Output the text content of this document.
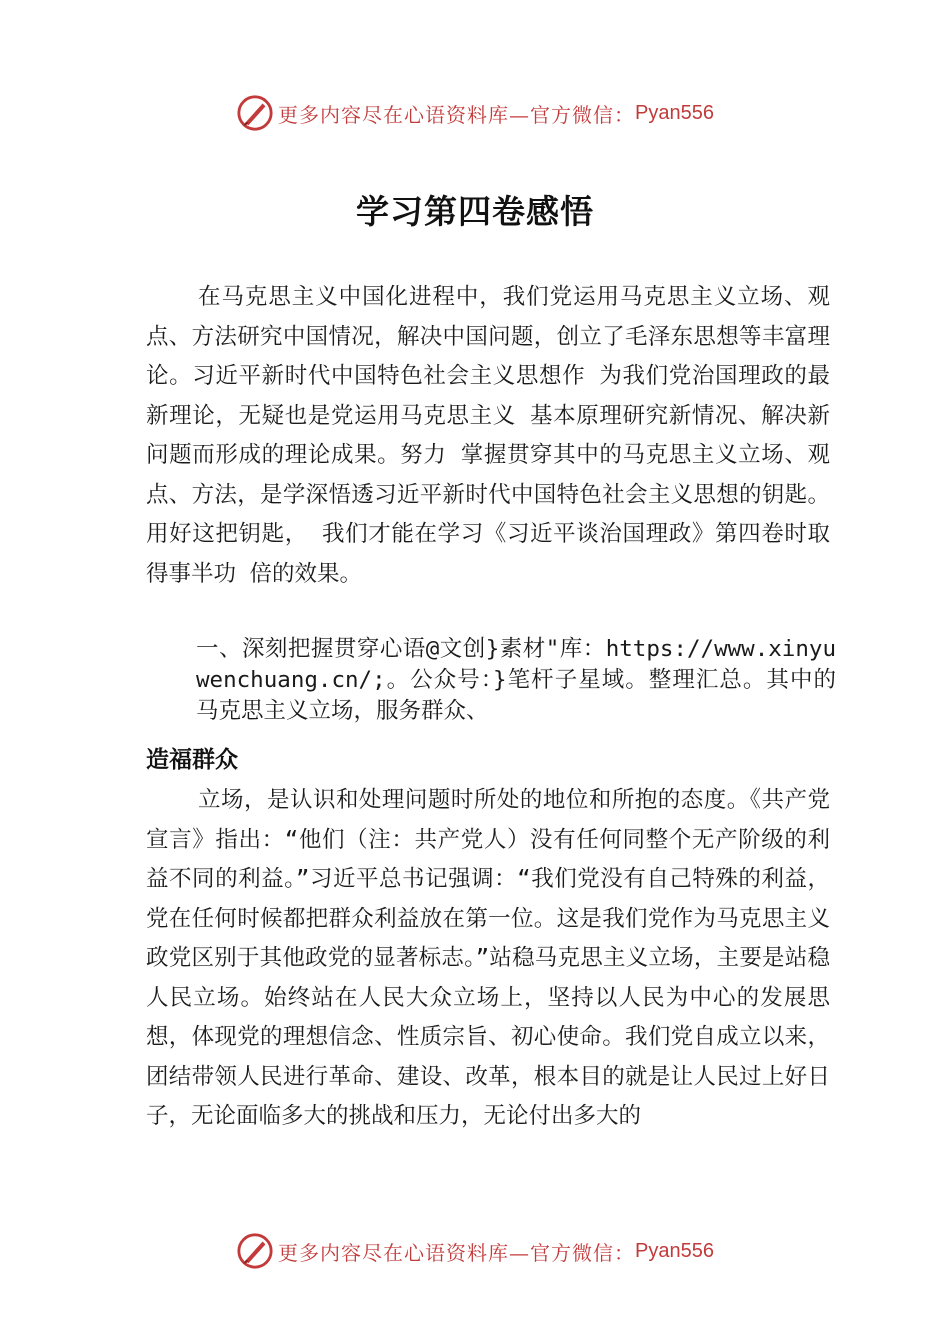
更多内容尽在心语资料库—官方微信： Pyan556
学习第四卷感悟

在马克思主义中国化进程中，我们党运用马克思主义立场、观点、方法研究中国情况，解决中国问题，创立了毛泽东思想等丰富理论。习近平新时代中国特色社会主义思想作 为我们党治国理政的最新理论，无疑也是党运用马克思主义 基本原理研究新情况、解决新问题而形成的理论成果。努力 掌握贯穿其中的马克思主义立场、观点、方法，是学深悟透习近平新时代中国特色社会主义思想的钥匙。用好这把钥匙， 我们才能在学习《习近平谈治国理政》第四卷时取得事半功 倍的效果。

一、深刻把握贯穿心语@文创}素材"库：https://www.xinyuwenchuang.cn/;。公众号：}笔杆子星域。整理汇总。其中的马克思主义立场，服务群众、

造福群众

立场，是认识和处理问题时所处的地位和所抱的态度。《共产党宣言》指出：“他们（注：共产党人）没有任何同整个无产阶级的利益不同的利益。”习近平总书记强调：“我们党没有自己特殊的利益，党在任何时候都把群众利益放在第一位。这是我们党作为马克思主义政党区别于其他政党的显著标志。”站稳马克思主义立场，主要是站稳人民立场。始终站在人民大众立场上，坚持以人民为中心的发展思想，体现党的理想信念、性质宗旨、初心使命。我们党自成立以来， 团结带领人民进行革命、建设、改革，根本目的就是让人民过上好日子，无论面临多大的挑战和压力，无论付出多大的

更多内容尽在心语资料库—官方微信： Pyan556
